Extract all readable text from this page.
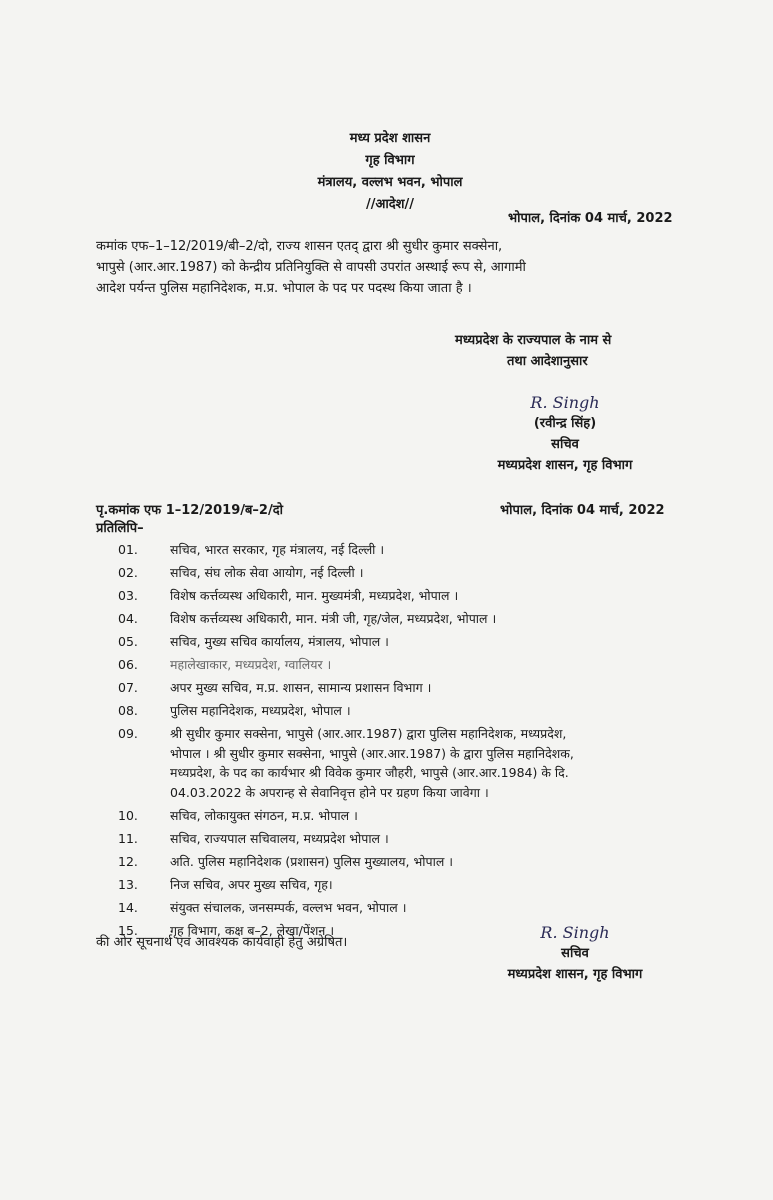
मध्य प्रदेश शासन
गृह विभाग
मंत्रालय, वल्लभ भवन, भोपाल
//आदेश//
भोपाल, दिनांक 04 मार्च, 2022
कमांक एफ–1–12/2019/बी–2/दो, राज्य शासन एतद् द्वारा श्री सुधीर कुमार सक्सेना,
भापुसे (आर.आर.1987) को केन्द्रीय प्रतिनियुक्ति से वापसी उपरांत अस्थाई रूप से, आगामी
आदेश पर्यन्त पुलिस महानिदेशक, म.प्र. भोपाल के पद पर पदस्थ किया जाता है ।
मध्यप्रदेश के राज्यपाल के नाम से
तथा आदेशानुसार
R. Singh
(रवीन्द्र सिंह)
सचिव
मध्यप्रदेश शासन, गृह विभाग
पृ.कमांक एफ 1–12/2019/ब–2/दो	भोपाल, दिनांक 04 मार्च, 2022
प्रतिलिपि–
01.	सचिव, भारत सरकार, गृह मंत्रालय, नई दिल्ली ।
02.	सचिव, संघ लोक सेवा आयोग, नई दिल्ली ।
03.	विशेष कर्त्तव्यस्थ अधिकारी, मान. मुख्यमंत्री, मध्यप्रदेश, भोपाल ।
04.	विशेष कर्त्तव्यस्थ अधिकारी, मान. मंत्री जी, गृह/जेल, मध्यप्रदेश, भोपाल ।
05.	सचिव, मुख्य सचिव कार्यालय, मंत्रालय, भोपाल ।
06.	महालेखाकार, मध्यप्रदेश, ग्वालियर ।
07.	अपर मुख्य सचिव, म.प्र. शासन, सामान्य प्रशासन विभाग ।
08.	पुलिस महानिदेशक, मध्यप्रदेश, भोपाल ।
09.	श्री सुधीर कुमार सक्सेना, भापुसे (आर.आर.1987) द्वारा पुलिस महानिदेशक, मध्यप्रदेश,
भोपाल । श्री सुधीर कुमार सक्सेना, भापुसे (आर.आर.1987) के द्वारा पुलिस महानिदेशक,
मध्यप्रदेश, के पद का कार्यभार श्री विवेक कुमार जौहरी, भापुसे (आर.आर.1984) के दि.
04.03.2022 के अपरान्ह से सेवानिवृत्त होने पर ग्रहण किया जावेगा ।
10.	सचिव, लोकायुक्त संगठन, म.प्र. भोपाल ।
11.	सचिव, राज्यपाल सचिवालय, मध्यप्रदेश भोपाल ।
12.	अति. पुलिस महानिदेशक (प्रशासन) पुलिस मुख्यालय, भोपाल ।
13.	निज सचिव, अपर मुख्य सचिव, गृह।
14.	संयुक्त संचालक, जनसम्पर्क, वल्लभ भवन, भोपाल ।
15.	गृह विभाग, कक्ष ब–2, लेखा/पेंशन ।
की ओर सूचनार्थ एवं आवश्यक कार्यवाही हेतु अग्रेषित।
R. Singh
सचिव
मध्यप्रदेश शासन, गृह विभाग
